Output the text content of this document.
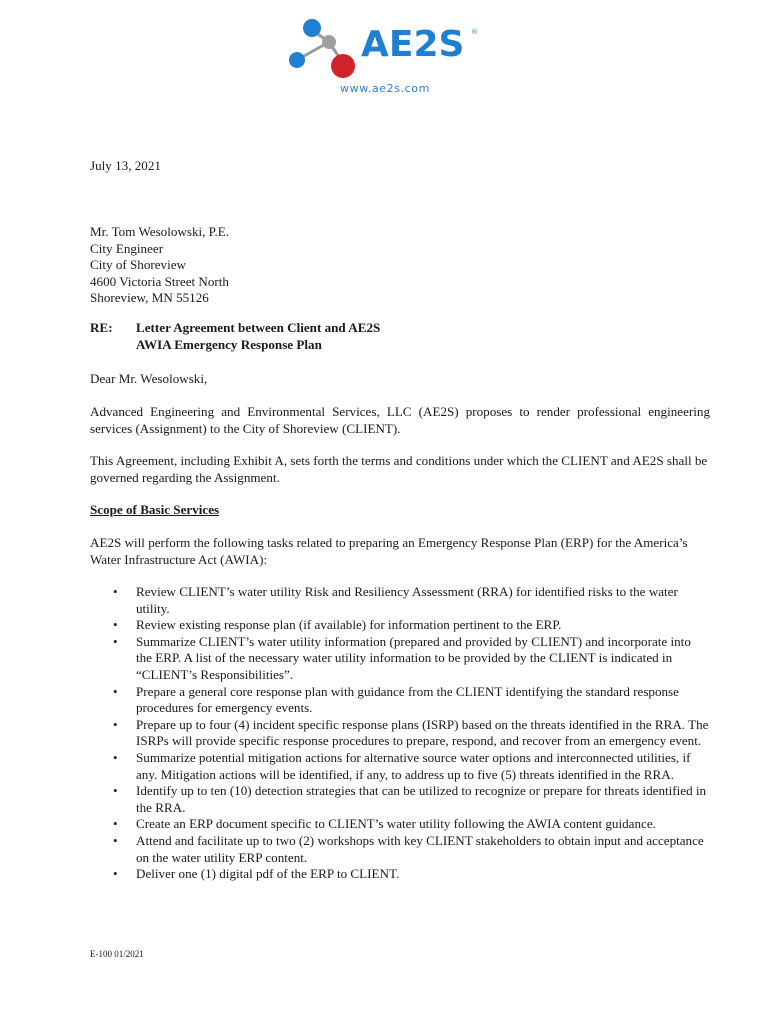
AE2S ®
www.ae2s.com
July 13, 2021
Mr. Tom Wesolowski, P.E.
City Engineer
City of Shoreview
4600 Victoria Street North
Shoreview, MN 55126
RE: Letter Agreement between Client and AE2S
AWIA Emergency Response Plan
Dear Mr. Wesolowski,
Advanced Engineering and Environmental Services, LLC (AE2S) proposes to render professional engineering services (Assignment) to the City of Shoreview (CLIENT).
This Agreement, including Exhibit A, sets forth the terms and conditions under which the CLIENT and AE2S shall be governed regarding the Assignment.
Scope of Basic Services
AE2S will perform the following tasks related to preparing an Emergency Response Plan (ERP) for the America’s Water Infrastructure Act (AWIA):
• Review CLIENT’s water utility Risk and Resiliency Assessment (RRA) for identified risks to the water utility.
• Review existing response plan (if available) for information pertinent to the ERP.
• Summarize CLIENT’s water utility information (prepared and provided by CLIENT) and incorporate into the ERP. A list of the necessary water utility information to be provided by the CLIENT is indicated in “CLIENT’s Responsibilities”.
• Prepare a general core response plan with guidance from the CLIENT identifying the standard response procedures for emergency events.
• Prepare up to four (4) incident specific response plans (ISRP) based on the threats identified in the RRA. The ISRPs will provide specific response procedures to prepare, respond, and recover from an emergency event.
• Summarize potential mitigation actions for alternative source water options and interconnected utilities, if any. Mitigation actions will be identified, if any, to address up to five (5) threats identified in the RRA.
• Identify up to ten (10) detection strategies that can be utilized to recognize or prepare for threats identified in the RRA.
• Create an ERP document specific to CLIENT’s water utility following the AWIA content guidance.
• Attend and facilitate up to two (2) workshops with key CLIENT stakeholders to obtain input and acceptance on the water utility ERP content.
• Deliver one (1) digital pdf of the ERP to CLIENT.
E-100 01/2021
